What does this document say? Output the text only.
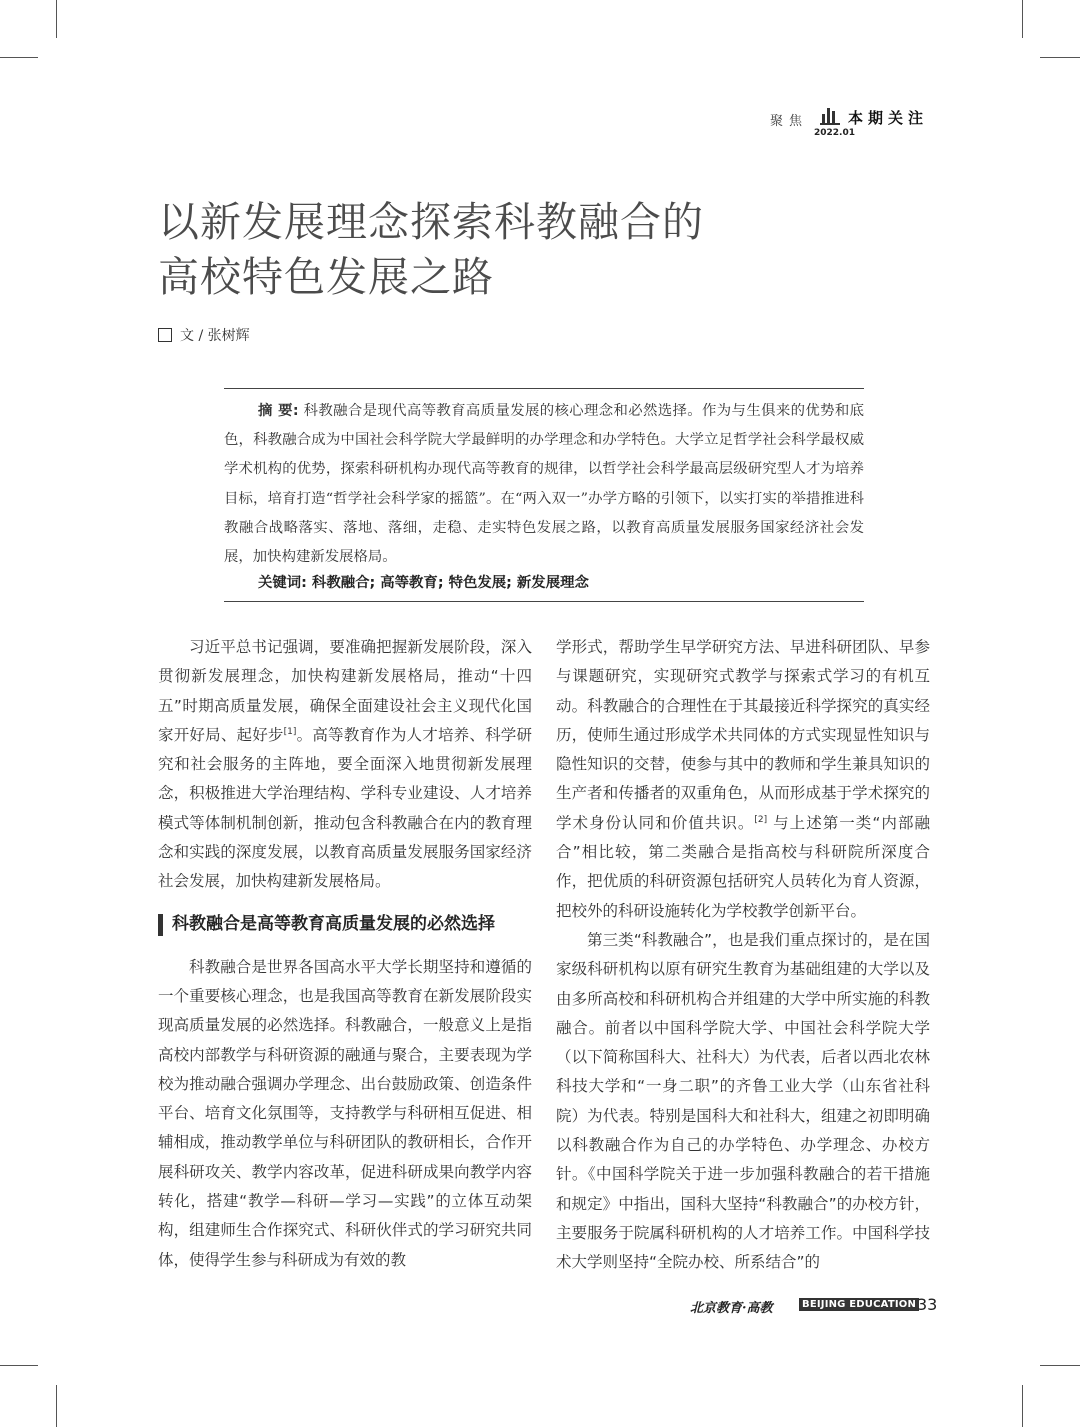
聚焦	本期关注
2022.01
以新发展理念探索科教融合的
高校特色发展之路
文 / 张树辉

摘 要: 科教融合是现代高等教育高质量发展的核心理念和必然选择。作为与生俱来的优势和底色，科教融合成为中国社会科学院大学最鲜明的办学理念和办学特色。大学立足哲学社会科学最权威学术机构的优势，探索科研机构办现代高等教育的规律，以哲学社会科学最高层级研究型人才为培养目标，培育打造“哲学社会科学家的摇篮”。在“两入双一”办学方略的引领下，以实打实的举措推进科教融合战略落实、落地、落细，走稳、走实特色发展之路，以教育高质量发展服务国家经济社会发展，加快构建新发展格局。

关键词: 科教融合; 高等教育; 特色发展; 新发展理念

习近平总书记强调，要准确把握新发展阶段，深入贯彻新发展理念，加快构建新发展格局，推动“十四五”时期高质量发展，确保全面建设社会主义现代化国家开好局、起好步[1]。高等教育作为人才培养、科学研究和社会服务的主阵地，要全面深入地贯彻新发展理念，积极推进大学治理结构、学科专业建设、人才培养模式等体制机制创新，推动包含科教融合在内的教育理念和实践的深度发展，以教育高质量发展服务国家经济社会发展，加快构建新发展格局。

科教融合是高等教育高质量发展的必然选择

科教融合是世界各国高水平大学长期坚持和遵循的一个重要核心理念，也是我国高等教育在新发展阶段实现高质量发展的必然选择。科教融合，一般意义上是指高校内部教学与科研资源的融通与聚合，主要表现为学校为推动融合强调办学理念、出台鼓励政策、创造条件平台、培育文化氛围等，支持教学与科研相互促进、相辅相成，推动教学单位与科研团队的教研相长，合作开展科研攻关、教学内容改革，促进科研成果向教学内容转化，搭建“教学—科研—学习—实践”的立体互动架构，组建师生合作探究式、科研伙伴式的学习研究共同体，使得学生参与科研成为有效的教

学形式，帮助学生早学研究方法、早进科研团队、早参与课题研究，实现研究式教学与探索式学习的有机互动。科教融合的合理性在于其最接近科学探究的真实经历，使师生通过形成学术共同体的方式实现显性知识与隐性知识的交替，使参与其中的教师和学生兼具知识的生产者和传播者的双重角色，从而形成基于学术探究的学术身份认同和价值共识。[2] 与上述第一类“内部融合”相比较，第二类融合是指高校与科研院所深度合作，把优质的科研资源包括研究人员转化为育人资源，把校外的科研设施转化为学校教学创新平台。

第三类“科教融合”，也是我们重点探讨的，是在国家级科研机构以原有研究生教育为基础组建的大学以及由多所高校和科研机构合并组建的大学中所实施的科教融合。前者以中国科学院大学、中国社会科学院大学（以下简称国科大、社科大）为代表，后者以西北农林科技大学和“一身二职”的齐鲁工业大学（山东省社科院）为代表。特别是国科大和社科大，组建之初即明确以科教融合作为自己的办学特色、办学理念、办校方针。《中国科学院关于进一步加强科教融合的若干措施和规定》中指出，国科大坚持“科教融合”的办校方针，主要服务于院属科研机构的人才培养工作。中国科学技术大学则坚持“全院办校、所系结合”的

北京教育·高教	BEIJING EDUCATION 33
